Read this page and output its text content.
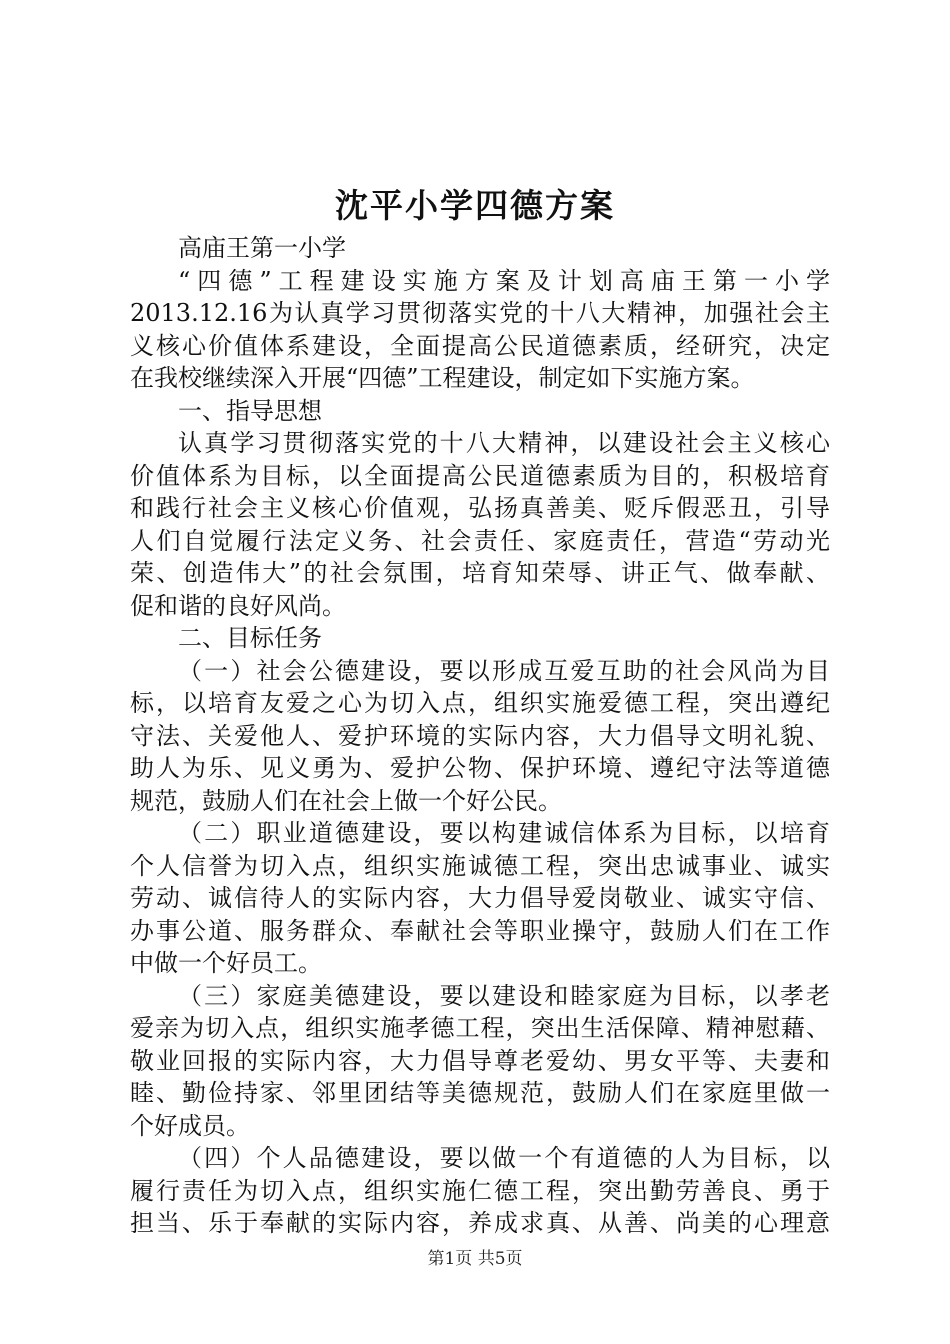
沈平小学四德方案
高庙王第一小学
“四德”工程建设实施方案及计划高庙王第一小学
2013.12.16为认真学习贯彻落实党的十八大精神，加强社会主
义核心价值体系建设，全面提高公民道德素质，经研究，决定
在我校继续深入开展“四德”工程建设，制定如下实施方案。
一、指导思想
认真学习贯彻落实党的十八大精神，以建设社会主义核心
价值体系为目标，以全面提高公民道德素质为目的，积极培育
和践行社会主义核心价值观，弘扬真善美、贬斥假恶丑，引导
人们自觉履行法定义务、社会责任、家庭责任，营造“劳动光
荣、创造伟大”的社会氛围，培育知荣辱、讲正气、做奉献、
促和谐的良好风尚。
二、目标任务
（一）社会公德建设，要以形成互爱互助的社会风尚为目
标，以培育友爱之心为切入点，组织实施爱德工程，突出遵纪
守法、关爱他人、爱护环境的实际内容，大力倡导文明礼貌、
助人为乐、见义勇为、爱护公物、保护环境、遵纪守法等道德
规范，鼓励人们在社会上做一个好公民。
（二）职业道德建设，要以构建诚信体系为目标，以培育
个人信誉为切入点，组织实施诚德工程，突出忠诚事业、诚实
劳动、诚信待人的实际内容，大力倡导爱岗敬业、诚实守信、
办事公道、服务群众、奉献社会等职业操守，鼓励人们在工作
中做一个好员工。
（三）家庭美德建设，要以建设和睦家庭为目标，以孝老
爱亲为切入点，组织实施孝德工程，突出生活保障、精神慰藉、
敬业回报的实际内容，大力倡导尊老爱幼、男女平等、夫妻和
睦、勤俭持家、邻里团结等美德规范，鼓励人们在家庭里做一
个好成员。
（四）个人品德建设，要以做一个有道德的人为目标，以
履行责任为切入点，组织实施仁德工程，突出勤劳善良、勇于
担当、乐于奉献的实际内容，养成求真、从善、尚美的心理意
第1页 共5页
